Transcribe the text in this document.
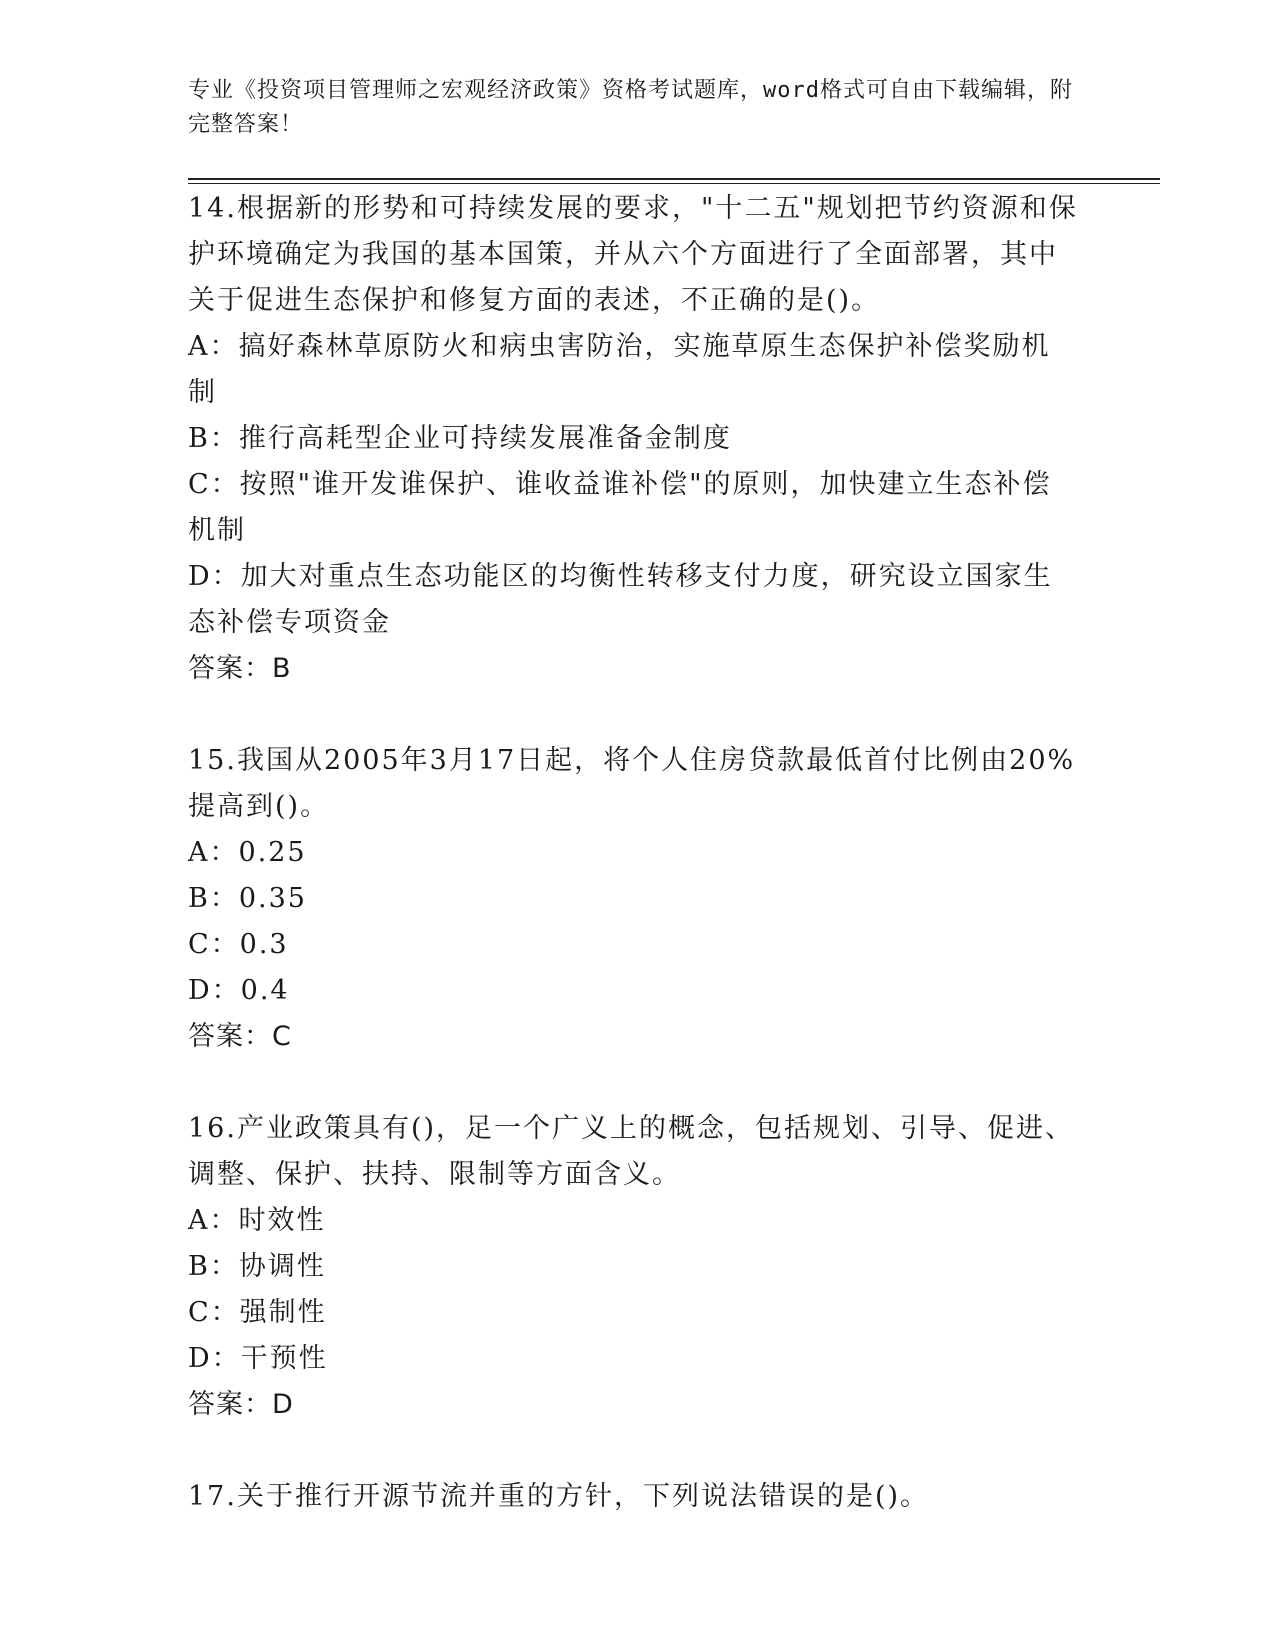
专业《投资项目管理师之宏观经济政策》资格考试题库，word格式可自由下载编辑，附完整答案！

14.根据新的形势和可持续发展的要求，"十二五"规划把节约资源和保护环境确定为我国的基本国策，并从六个方面进行了全面部署，其中关于促进生态保护和修复方面的表述，不正确的是()。

A：搞好森林草原防火和病虫害防治，实施草原生态保护补偿奖励机制

B：推行高耗型企业可持续发展准备金制度

C：按照"谁开发谁保护、谁收益谁补偿"的原则，加快建立生态补偿机制

D：加大对重点生态功能区的均衡性转移支付力度，研究设立国家生态补偿专项资金

答案：B

15.我国从2005年3月17日起，将个人住房贷款最低首付比例由20%提高到()。

A：0.25

B：0.35

C：0.3

D：0.4

答案：C

16.产业政策具有()，足一个广义上的概念，包括规划、引导、促进、调整、保护、扶持、限制等方面含义。

A：时效性

B：协调性

C：强制性

D：干预性

答案：D

17.关于推行开源节流并重的方针，下列说法错误的是()。
